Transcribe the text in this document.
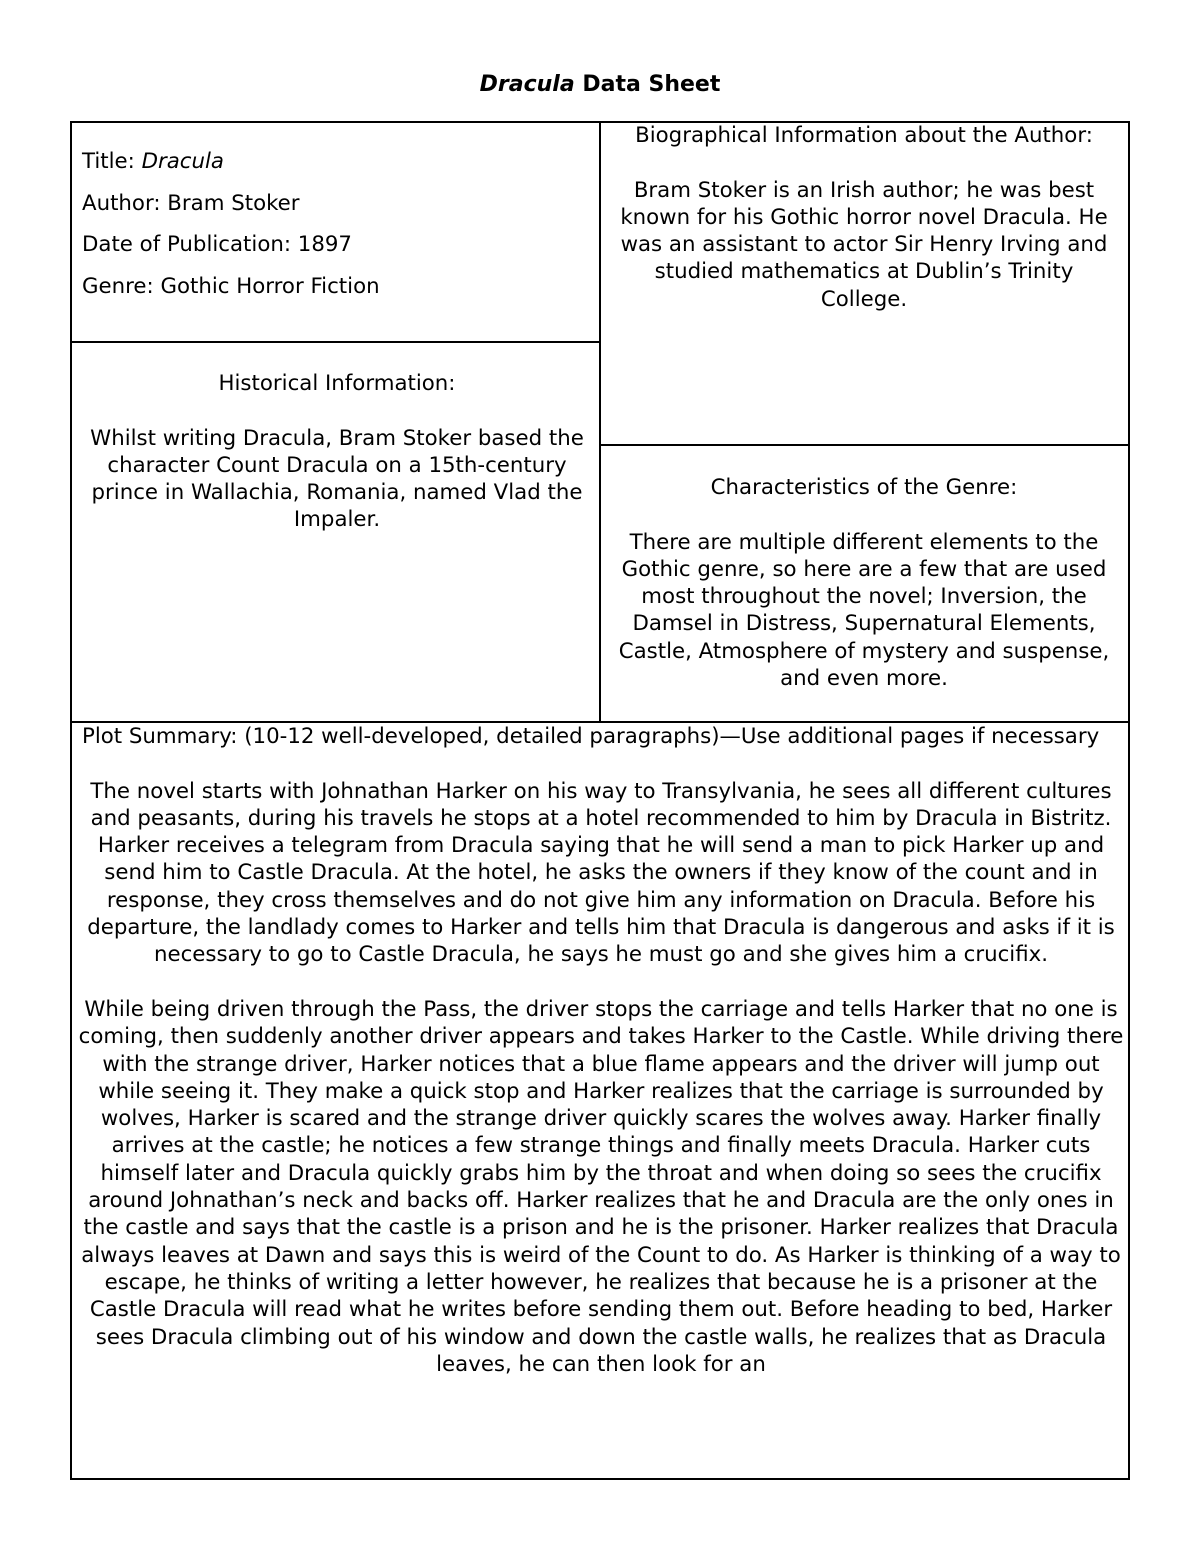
Dracula Data Sheet
Title: Dracula
Author: Bram Stoker
Date of Publication: 1897
Genre: Gothic Horror Fiction

Biographical Information about the Author:

Bram Stoker is an Irish author; he was best known for his Gothic horror novel Dracula. He was an assistant to actor Sir Henry Irving and studied mathematics at Dublin’s Trinity College.

Historical Information:

Whilst writing Dracula, Bram Stoker based the character Count Dracula on a 15th-century prince in Wallachia, Romania, named Vlad the Impaler.

Characteristics of the Genre:

There are multiple different elements to the Gothic genre, so here are a few that are used most throughout the novel; Inversion, the Damsel in Distress, Supernatural Elements, Castle, Atmosphere of mystery and suspense, and even more.

Plot Summary: (10-12 well-developed, detailed paragraphs)—Use additional pages if necessary

The novel starts with Johnathan Harker on his way to Transylvania, he sees all different cultures and peasants, during his travels he stops at a hotel recommended to him by Dracula in Bistritz. Harker receives a telegram from Dracula saying that he will send a man to pick Harker up and send him to Castle Dracula. At the hotel, he asks the owners if they know of the count and in response, they cross themselves and do not give him any information on Dracula. Before his departure, the landlady comes to Harker and tells him that Dracula is dangerous and asks if it is necessary to go to Castle Dracula, he says he must go and she gives him a crucifix.

While being driven through the Pass, the driver stops the carriage and tells Harker that no one is coming, then suddenly another driver appears and takes Harker to the Castle. While driving there with the strange driver, Harker notices that a blue flame appears and the driver will jump out while seeing it. They make a quick stop and Harker realizes that the carriage is surrounded by wolves, Harker is scared and the strange driver quickly scares the wolves away. Harker finally arrives at the castle; he notices a few strange things and finally meets Dracula. Harker cuts himself later and Dracula quickly grabs him by the throat and when doing so sees the crucifix around Johnathan’s neck and backs off. Harker realizes that he and Dracula are the only ones in the castle and says that the castle is a prison and he is the prisoner. Harker realizes that Dracula always leaves at Dawn and says this is weird of the Count to do. As Harker is thinking of a way to escape, he thinks of writing a letter however, he realizes that because he is a prisoner at the Castle Dracula will read what he writes before sending them out. Before heading to bed, Harker sees Dracula climbing out of his window and down the castle walls, he realizes that as Dracula leaves, he can then look for an
